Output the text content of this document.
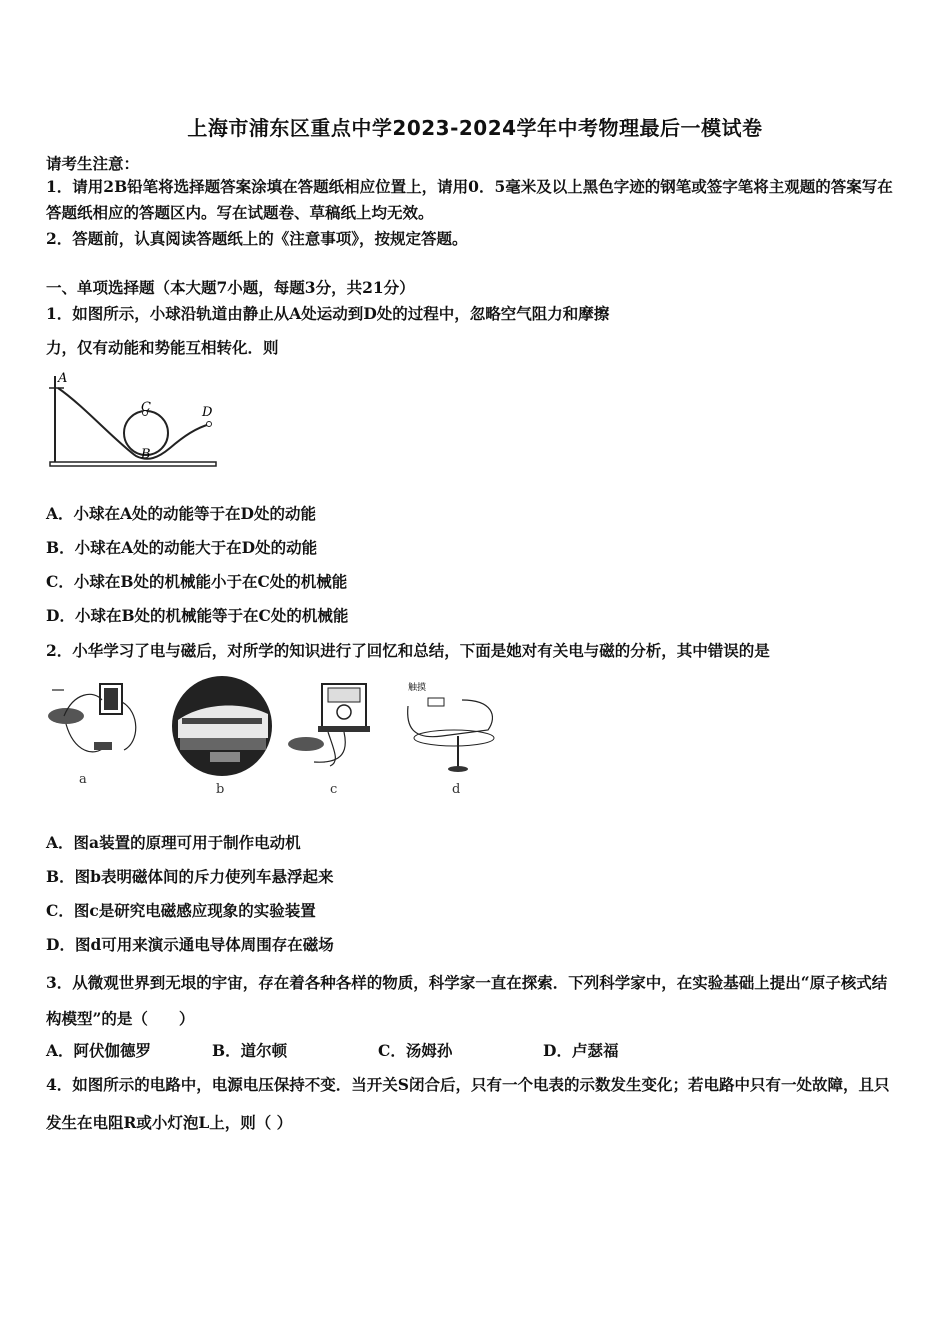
上海市浦东区重点中学2023-2024学年中考物理最后一模试卷
请考生注意：
1．请用2B铅笔将选择题答案涂填在答题纸相应位置上，请用0．5毫米及以上黑色字迹的钢笔或签字笔将主观题的答案写在答题纸相应的答题区内。写在试题卷、草稿纸上均无效。
2．答题前，认真阅读答题纸上的《注意事项》，按规定答题。
一、单项选择题（本大题7小题，每题3分，共21分）
1．如图所示，小球沿轨道由静止从A处运动到D处的过程中，忽略空气阻力和摩擦
力，仅有动能和势能互相转化．则
A
C
B
D
A．小球在A处的动能等于在D处的动能
B．小球在A处的动能大于在D处的动能
C．小球在B处的机械能小于在C处的机械能
D．小球在B处的机械能等于在C处的机械能
2．小华学习了电与磁后，对所学的知识进行了回忆和总结，下面是她对有关电与磁的分析，其中错误的是
a
b	c
触摸
d
A．图a装置的原理可用于制作电动机
B．图b表明磁体间的斥力使列车悬浮起来
C．图c是研究电磁感应现象的实验装置
D．图d可用来演示通电导体周围存在磁场
3．从微观世界到无垠的宇宙，存在着各种各样的物质，科学家一直在探索．下列科学家中，在实验基础上提出“原子核式结构模型”的是（　　）
A．阿伏伽德罗	B．道尔顿	C．汤姆孙	D．卢瑟福
4．如图所示的电路中，电源电压保持不变．当开关S闭合后，只有一个电表的示数发生变化；若电路中只有一处故障，且只发生在电阻R或小灯泡L上，则（ ）
